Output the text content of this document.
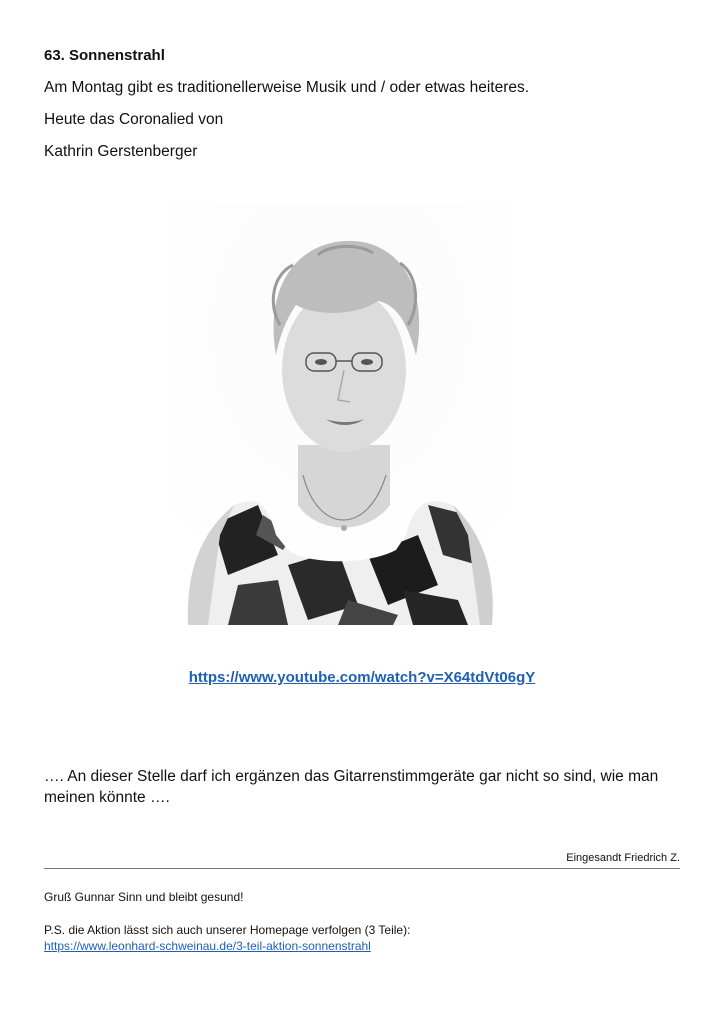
63. Sonnenstrahl
Am Montag gibt es traditionellerweise Musik und / oder etwas heiteres.
Heute das Coronalied von
Kathrin Gerstenberger
https://www.youtube.com/watch?v=X64tdVt06gY
…. An dieser Stelle darf ich ergänzen das Gitarrenstimmgeräte gar nicht so sind, wie man meinen könnte ….
Eingesandt Friedrich Z.
Gruß Gunnar Sinn und bleibt gesund!
P.S. die Aktion lässt sich auch unserer Homepage verfolgen (3 Teile):
https://www.leonhard-schweinau.de/3-teil-aktion-sonnenstrahl
